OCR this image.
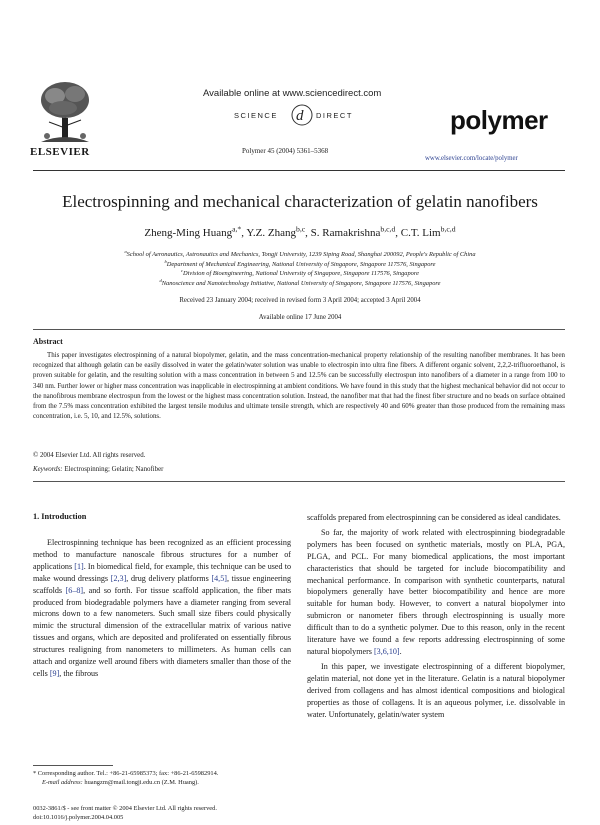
ELSEVIER
Available online at www.sciencedirect.com
SCIENCE d DIRECT
Polymer 45 (2004) 5361–5368
polymer
www.elsevier.com/locate/polymer
Electrospinning and mechanical characterization of gelatin nanofibers
Zheng-Ming Huang$^{a,*}$, Y.Z. Zhang$^{b,c}$, S. Ramakrishna$^{b,c,d}$, C.T. Lim$^{b,c,d}$
$^a$School of Aeronautics, Astronautics and Mechanics, Tongji University, 1239 Siping Road, Shanghai 200092, People's Republic of China
$^b$Department of Mechanical Engineering, National University of Singapore, Singapore 117576, Singapore
$^c$Division of Bioengineering, National University of Singapore, Singapore 117576, Singapore
$^d$Nanoscience and Nanotechnology Initiative, National University of Singapore, Singapore 117576, Singapore
Received 23 January 2004; received in revised form 3 April 2004; accepted 3 April 2004
Available online 17 June 2004
Abstract
This paper investigates electrospinning of a natural biopolymer, gelatin, and the mass concentration-mechanical property relationship of the resulting nanofiber membranes. It has been recognized that although gelatin can be easily dissolved in water the gelatin/water solution was unable to electrospin into ultra fine fibers. A different organic solvent, 2,2,2-trifluoroethanol, is proven suitable for gelatin, and the resulting solution with a mass concentration in between 5 and 12.5% can be successfully electrospun into nanofibers of a diameter in a range from 100 to 340 nm. Further lower or higher mass concentration was inapplicable in electrospinning at ambient conditions. We have found in this study that the highest mechanical behavior did not occur to the nanofibrous membrane electrospun from the lowest or the highest mass concentration solution. Instead, the nanofiber mat that had the finest fiber structure and no beads on surface obtained from the 7.5% mass concentration exhibited the largest tensile modulus and ultimate tensile strength, which are respectively 40 and 60% greater than those produced from the remaining mass concentration, i.e. 5, 10, and 12.5%, solutions.
© 2004 Elsevier Ltd. All rights reserved.
Keywords: Electrospinning; Gelatin; Nanofiber
1. Introduction

Electrospinning technique has been recognized as an efficient processing method to manufacture nanoscale fibrous structures for a number of applications [1]. In biomedical field, for example, this technique can be used to make wound dressings [2,3], drug delivery platforms [4,5], tissue engineering scaffolds [6–8], and so forth. For tissue scaffold application, the fiber mats produced from biodegradable polymers have a diameter ranging from several microns down to a few nanometers. Such small size fibers could physically mimic the structural dimension of the extracellular matrix of various native tissues and organs, which are deposited and proliferated on essentially fibrous structures realigning from nanometers to millimeters. As human cells can attach and organize well around fibers with diameters smaller than those of the cells [9], the fibrous

scaffolds prepared from electrospinning can be considered as ideal candidates.

So far, the majority of work related with electrospinning biodegradable polymers has been focused on synthetic materials, mostly on PLA, PGA, PLGA, and PCL. For many biomedical applications, the most important characteristics that should be targeted for include biocompatibility and mechanical performance. In comparison with synthetic counterparts, natural biopolymers generally have better biocompatibility and hence are more suitable for human body. However, to convert a natural biopolymer into submicron or nanometer fibers through electrospinning is usually more difficult than to do a synthetic polymer. Due to this reason, only in the recent literature have we found a few reports addressing electrospinning of some natural biopolymers [3,6,10].

In this paper, we investigate electrospinning of a different biopolymer, gelatin material, not done yet in the literature. Gelatin is a natural biopolymer derived from collagens and has almost identical compositions and biological properties as those of collagens. It is an aqueous polymer, i.e. dissolvable in water. Unfortunately, gelatin/water system

* Corresponding author. Tel.: +86-21-65985373; fax: +86-21-65982914.
E-mail address: huangzm@mail.tongji.edu.cn (Z.M. Huang).
0032-3861/$ - see front matter © 2004 Elsevier Ltd. All rights reserved.
doi:10.1016/j.polymer.2004.04.005
